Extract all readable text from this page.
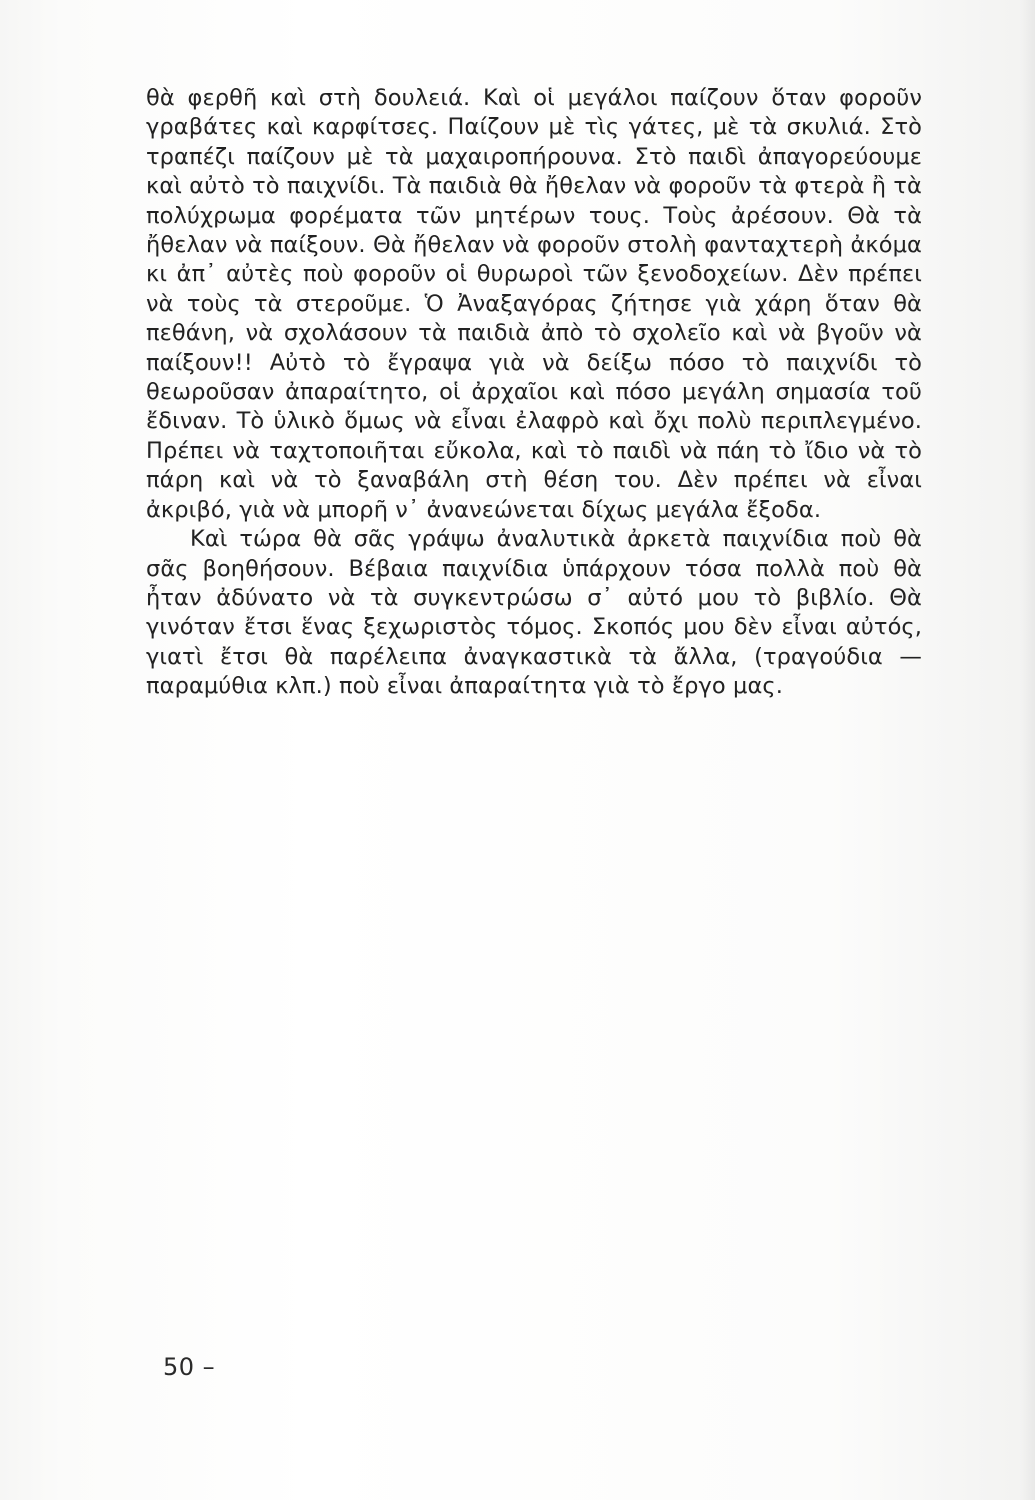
θὰ φερθῆ καὶ στὴ δουλειά. Καὶ οἱ μεγάλοι παίζουν ὅταν φοροῦν γραβάτες καὶ καρφίτσες. Παίζουν μὲ τὶς γάτες, μὲ τὰ σκυλιά. Στὸ τραπέζι παίζουν μὲ τὰ μαχαιροπήρουνα. Στὸ παιδὶ ἀπαγορεύουμε καὶ αὐτὸ τὸ παιχνίδι. Τὰ παιδιὰ θὰ ἤθελαν νὰ φοροῦν τὰ φτερὰ ἢ τὰ πολύχρωμα φορέματα τῶν μητέρων τους. Τοὺς ἀρέσουν. Θὰ τὰ ἤθελαν νὰ παίξουν. Θὰ ἤθελαν νὰ φοροῦν στολὴ φανταχτερὴ ἀκόμα κι ἀπ᾿ αὐτὲς ποὺ φοροῦν οἱ θυρωροὶ τῶν ξενοδοχείων. Δὲν πρέπει νὰ τοὺς τὰ στεροῦμε. Ὁ Ἀναξαγόρας ζήτησε γιὰ χάρη ὅταν θὰ πεθάνη, νὰ σχολάσουν τὰ παιδιὰ ἀπὸ τὸ σχολεῖο καὶ νὰ βγοῦν νὰ παίξουν!! Αὐτὸ τὸ ἔγραψα γιὰ νὰ δείξω πόσο τὸ παιχνίδι τὸ θεωροῦσαν ἀπαραίτητο, οἱ ἀρχαῖοι καὶ πόσο μεγάλη σημασία τοῦ ἔδιναν. Τὸ ὑλικὸ ὅμως νὰ εἶναι ἐλαφρὸ καὶ ὄχι πολὺ περιπλεγμένο. Πρέπει νὰ ταχτοποιῆται εὔκολα, καὶ τὸ παιδὶ νὰ πάη τὸ ἴδιο νὰ τὸ πάρη καὶ νὰ τὸ ξαναβάλη στὴ θέση του. Δὲν πρέπει νὰ εἶναι ἀκριβό, γιὰ νὰ μπορῆ ν᾿ ἀνανεώνεται δίχως μεγάλα ἔξοδα.

Καὶ τώρα θὰ σᾶς γράψω ἀναλυτικὰ ἀρκετὰ παιχνίδια ποὺ θὰ σᾶς βοηθήσουν. Βέβαια παιχνίδια ὑπάρχουν τόσα πολλὰ ποὺ θὰ ἦταν ἀδύνατο νὰ τὰ συγκεντρώσω σ᾿ αὐτό μου τὸ βιβλίο. Θὰ γινόταν ἔτσι ἕνας ξεχωριστὸς τόμος. Σκοπός μου δὲν εἶναι αὐτός, γιατὶ ἔτσι θὰ παρέλειπα ἀναγκαστικὰ τὰ ἄλλα, (τραγούδια — παραμύθια κλπ.) ποὺ εἶναι ἀπαραίτητα γιὰ τὸ ἔργο μας.

50 –
